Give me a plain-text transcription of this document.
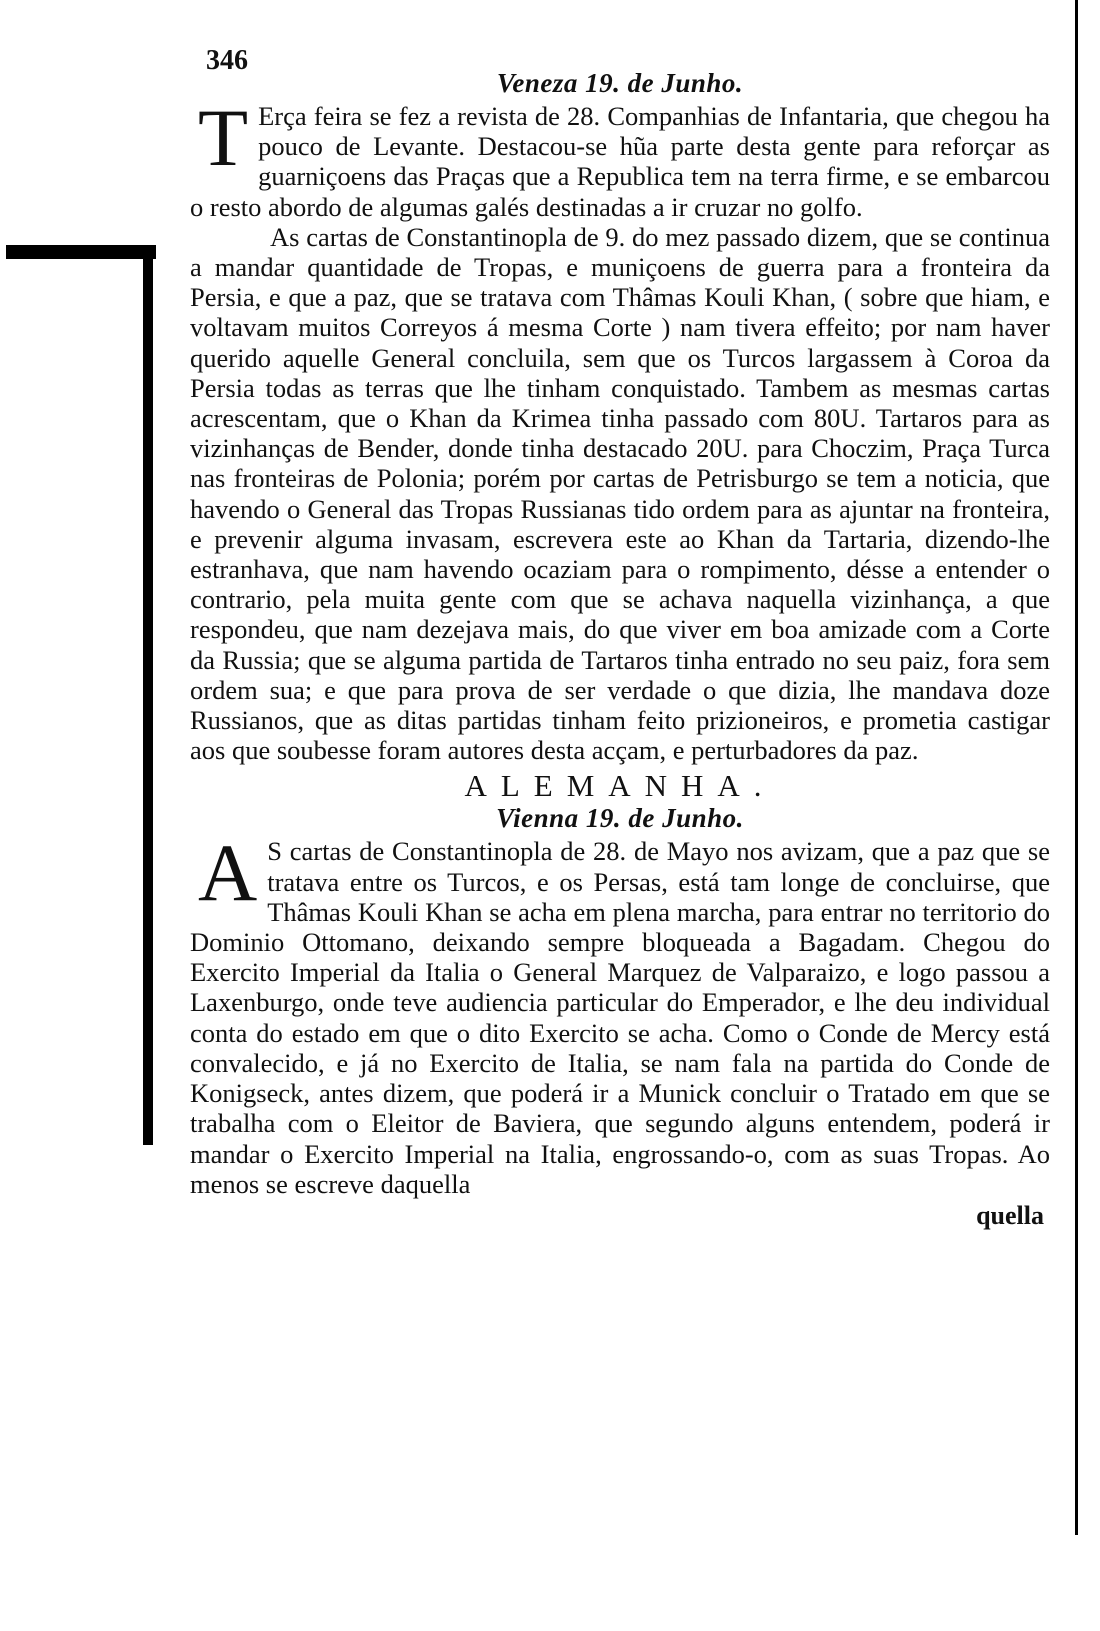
346
Veneza 19. de Junho.

T Erça feira se fez a revista de 28. Companhias de Infantaria, que chegou ha pouco de Levante. Destacou-se hũa parte desta gente para reforçar as guarniçoens das Praças que a Republica tem na terra firme, e se embarcou o resto abordo de algumas galés destinadas a ir cruzar no golfo.

As cartas de Constantinopla de 9. do mez passado dizem, que se continua a mandar quantidade de Tropas, e muniçoens de guerra para a fronteira da Persia, e que a paz, que se tratava com Thâmas Kouli Khan, ( sobre que hiam, e voltavam muitos Correyos á mesma Corte ) nam tivera effeito; por nam haver querido aquelle General concluila, sem que os Turcos largassem à Coroa da Persia todas as terras que lhe tinham conquistado. Tambem as mesmas cartas acrescentam, que o Khan da Krimea tinha passado com 80U. Tartaros para as vizinhanças de Bender, donde tinha destacado 20U. para Choczim, Praça Turca nas fronteiras de Polonia; porém por cartas de Petrisburgo se tem a noticia, que havendo o General das Tropas Russianas tido ordem para as ajuntar na fronteira, e prevenir alguma invasam, escrevera este ao Khan da Tartaria, dizendo-lhe estranhava, que nam havendo ocaziam para o rompimento, désse a entender o contrario, pela muita gente com que se achava naquella vizinhança, a que respondeu, que nam dezejava mais, do que viver em boa amizade com a Corte da Russia; que se alguma partida de Tartaros tinha entrado no seu paiz, fora sem ordem sua; e que para prova de ser verdade o que dizia, lhe mandava doze Russianos, que as ditas partidas tinham feito prizioneiros, e prometia castigar aos que soubesse foram autores desta acçam, e perturbadores da paz.

ALEMANHA.
Vienna 19. de Junho.

A S cartas de Constantinopla de 28. de Mayo nos avizam, que a paz que se tratava entre os Turcos, e os Persas, está tam longe de concluirse, que Thâmas Kouli Khan se acha em plena marcha, para entrar no territorio do Dominio Ottomano, deixando sempre bloqueada a Bagadam. Chegou do Exercito Imperial da Italia o General Marquez de Valparaizo, e logo passou a Laxenburgo, onde teve audiencia particular do Emperador, e lhe deu individual conta do estado em que o dito Exercito se acha. Como o Conde de Mercy está convalecido, e já no Exercito de Italia, se nam fala na partida do Conde de Konigseck, antes dizem, que poderá ir a Munick concluir o Tratado em que se trabalha com o Eleitor de Baviera, que segundo alguns entendem, poderá ir mandar o Exercito Imperial na Italia, engrossando-o, com as suas Tropas. Ao menos se escreve daquella

quella
